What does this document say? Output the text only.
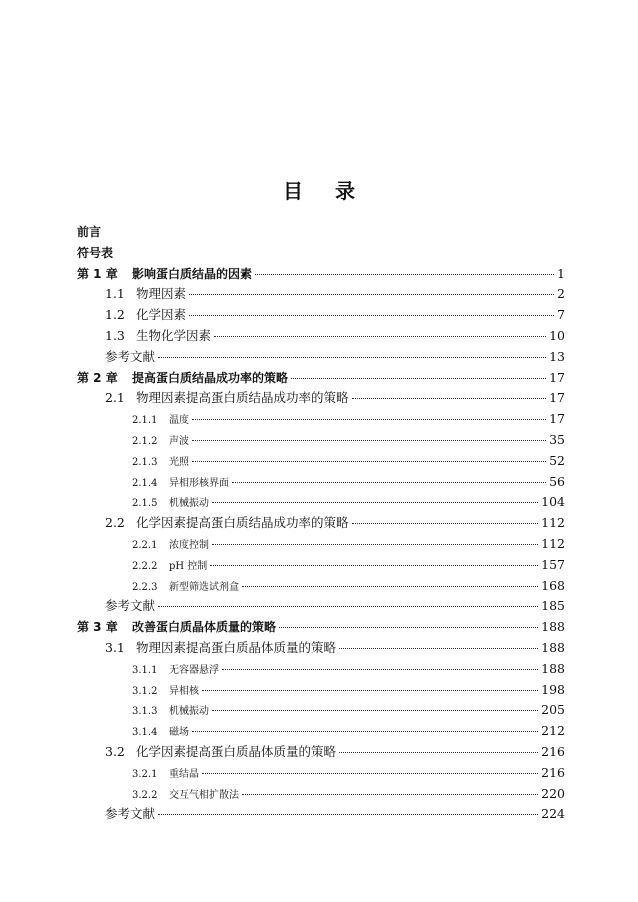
目录
前言
符号表
第 1 章	影响蛋白质结晶的因素	1
1.1 物理因素	2
1.2 化学因素	7
1.3 生物化学因素	10
参考文献	13
第 2 章	提高蛋白质结晶成功率的策略	17
2.1 物理因素提高蛋白质结晶成功率的策略	17
2.1.1	温度	17
2.1.2	声波	35
2.1.3	光照	52
2.1.4	异相形核界面	56
2.1.5	机械振动	104
2.2 化学因素提高蛋白质结晶成功率的策略	112
2.2.1	浓度控制	112
2.2.2	pH 控制	157
2.2.3	新型筛选试剂盒	168
参考文献	185
第 3 章	改善蛋白质晶体质量的策略	188
3.1 物理因素提高蛋白质晶体质量的策略	188
3.1.1	无容器悬浮	188
3.1.2	异相核	198
3.1.3	机械振动	205
3.1.4	磁场	212
3.2 化学因素提高蛋白质晶体质量的策略	216
3.2.1	重结晶	216
3.2.2	交互气相扩散法	220
参考文献	224
